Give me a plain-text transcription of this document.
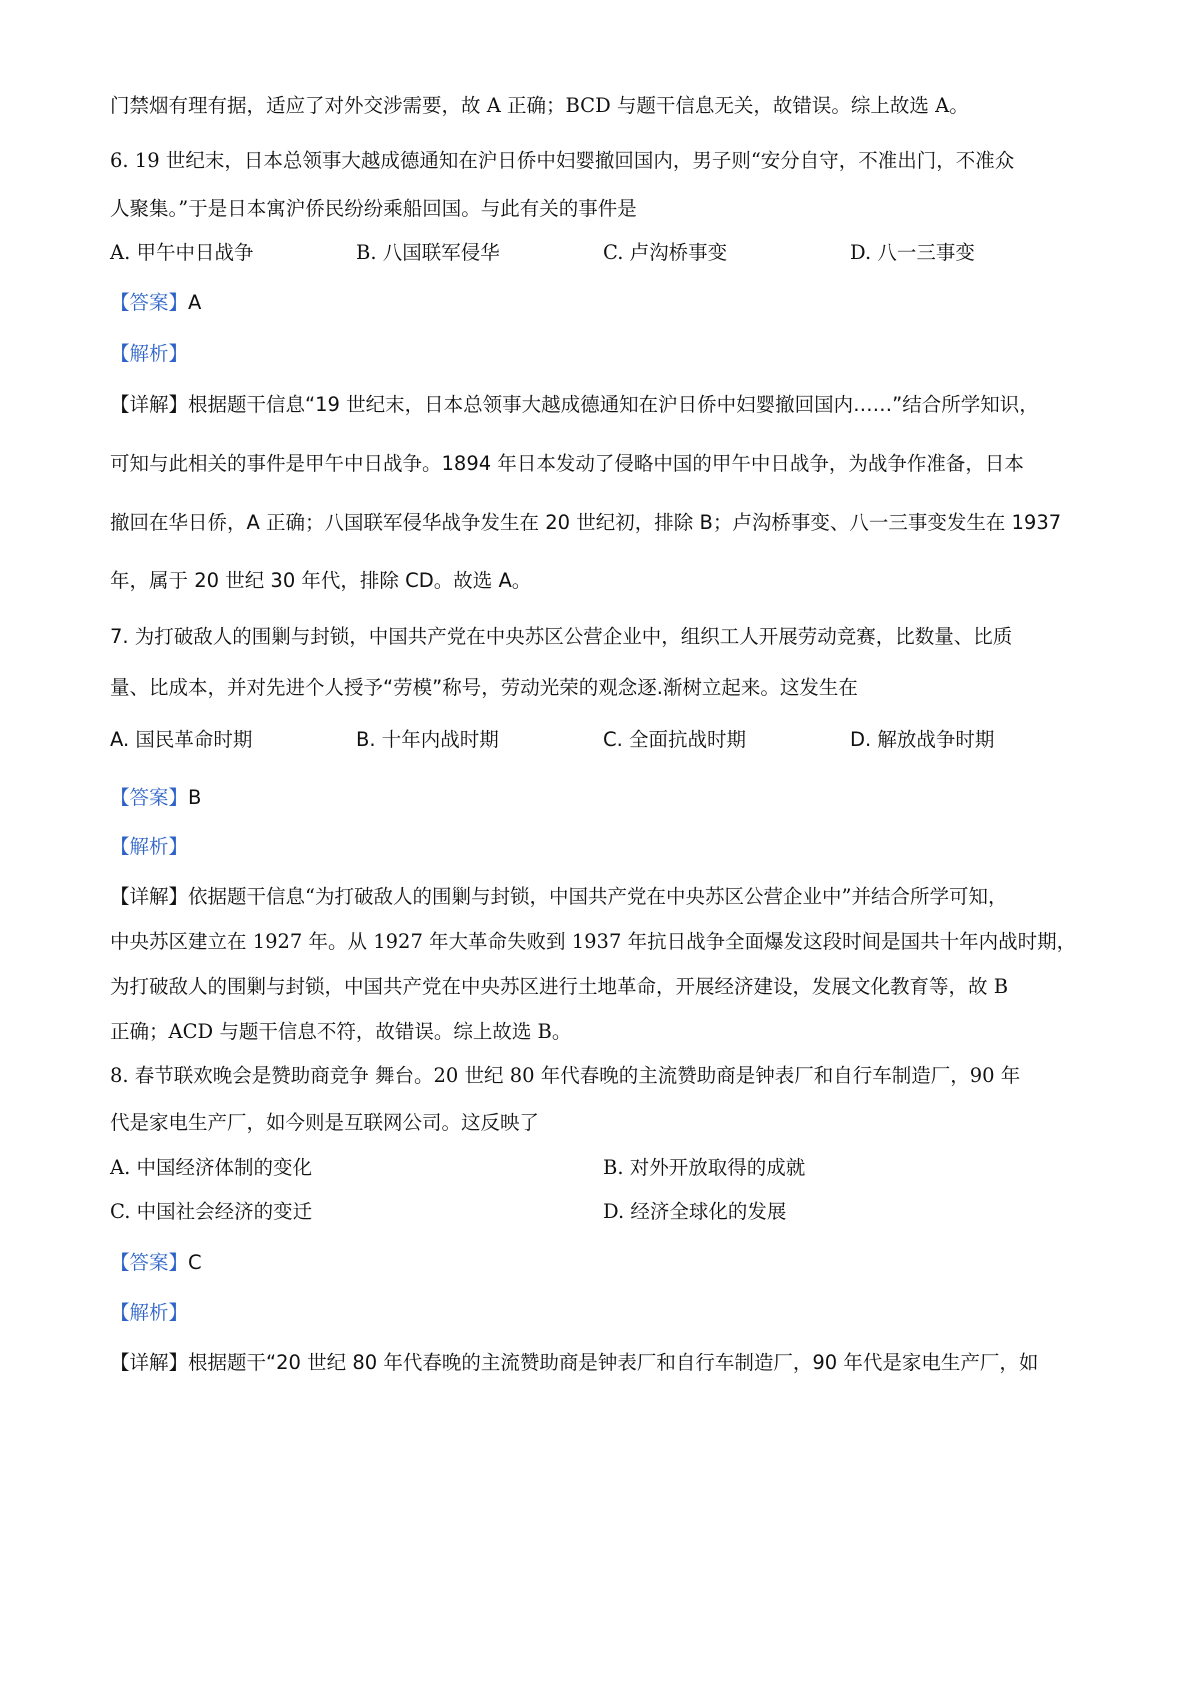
门禁烟有理有据，适应了对外交涉需要，故 A 正确；BCD 与题干信息无关，故错误。综上故选 A。
6. 19 世纪末，日本总领事大越成德通知在沪日侨中妇婴撤回国内，男子则“安分自守，不准出门，不准众
人聚集。”于是日本寓沪侨民纷纷乘船回国。与此有关的事件是
A. 甲午中日战争	B. 八国联军侵华	C. 卢沟桥事变	D. 八一三事变
【答案】A
【解析】
【详解】根据题干信息“19 世纪末，日本总领事大越成德通知在沪日侨中妇婴撤回国内……”结合所学知识，
可知与此相关的事件是甲午中日战争。1894 年日本发动了侵略中国的甲午中日战争，为战争作准备，日本
撤回在华日侨，A 正确；八国联军侵华战争发生在 20 世纪初，排除 B；卢沟桥事变、八一三事变发生在 1937
年，属于 20 世纪 30 年代，排除 CD。故选 A。
7. 为打破敌人的围剿与封锁，中国共产党在中央苏区公营企业中，组织工人开展劳动竞赛，比数量、比质
量、比成本，并对先进个人授予“劳模”称号，劳动光荣的观念逐.渐树立起来。这发生在
A. 国民革命时期	B. 十年内战时期	C. 全面抗战时期	D. 解放战争时期
【答案】B
【解析】
【详解】依据题干信息“为打破敌人的围剿与封锁，中国共产党在中央苏区公营企业中”并结合所学可知，
中央苏区建立在 1927 年。从 1927 年大革命失败到 1937 年抗日战争全面爆发这段时间是国共十年内战时期，
为打破敌人的围剿与封锁，中国共产党在中央苏区进行土地革命，开展经济建设，发展文化教育等，故 B
正确；ACD 与题干信息不符，故错误。综上故选 B。
8. 春节联欢晚会是赞助商竞争 舞台。20 世纪 80 年代春晚的主流赞助商是钟表厂和自行车制造厂，90 年
代是家电生产厂，如今则是互联网公司。这反映了
A. 中国经济体制的变化	B. 对外开放取得的成就
C. 中国社会经济的变迁	D. 经济全球化的发展
【答案】C
【解析】
【详解】根据题干“20 世纪 80 年代春晚的主流赞助商是钟表厂和自行车制造厂，90 年代是家电生产厂，如
